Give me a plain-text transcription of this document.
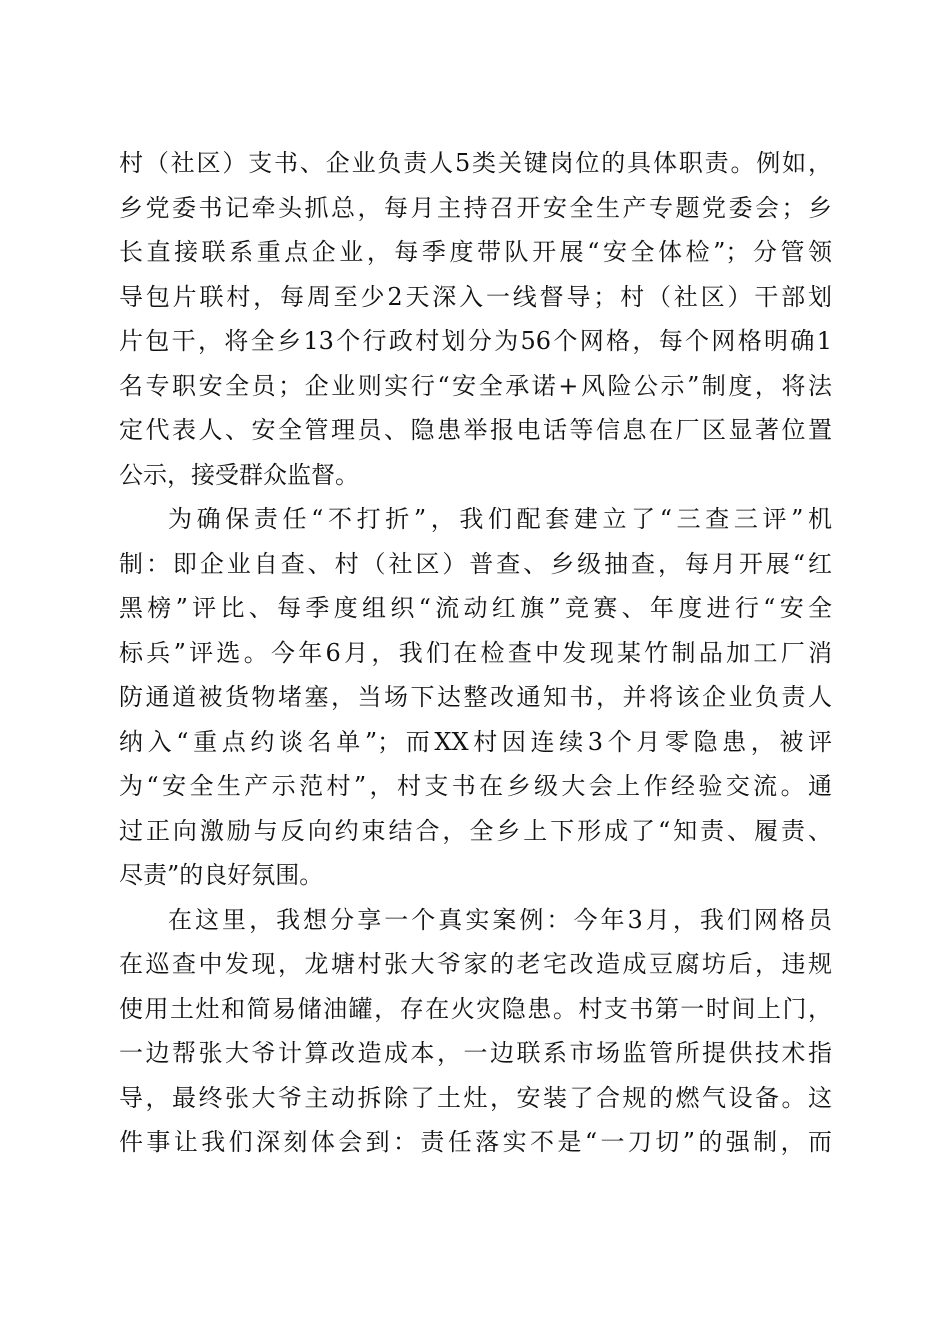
村（社区）支书、企业负责人5类关键岗位的具体职责。例如，
乡党委书记牵头抓总，每月主持召开安全生产专题党委会；乡
长直接联系重点企业，每季度带队开展“安全体检”；分管领
导包片联村，每周至少2天深入一线督导；村（社区）干部划
片包干，将全乡13个行政村划分为56个网格，每个网格明确1
名专职安全员；企业则实行“安全承诺+风险公示”制度，将法
定代表人、安全管理员、隐患举报电话等信息在厂区显著位置
公示，接受群众监督。
为确保责任“不打折”，我们配套建立了“三查三评”机
制：即企业自查、村（社区）普查、乡级抽查，每月开展“红
黑榜”评比、每季度组织“流动红旗”竞赛、年度进行“安全
标兵”评选。今年6月，我们在检查中发现某竹制品加工厂消
防通道被货物堵塞，当场下达整改通知书，并将该企业负责人
纳入“重点约谈名单”；而XX村因连续3个月零隐患，被评
为“安全生产示范村”，村支书在乡级大会上作经验交流。通
过正向激励与反向约束结合，全乡上下形成了“知责、履责、
尽责”的良好氛围。
在这里，我想分享一个真实案例：今年3月，我们网格员
在巡查中发现，龙塘村张大爷家的老宅改造成豆腐坊后，违规
使用土灶和简易储油罐，存在火灾隐患。村支书第一时间上门，
一边帮张大爷计算改造成本，一边联系市场监管所提供技术指
导，最终张大爷主动拆除了土灶，安装了合规的燃气设备。这
件事让我们深刻体会到：责任落实不是“一刀切”的强制，而
